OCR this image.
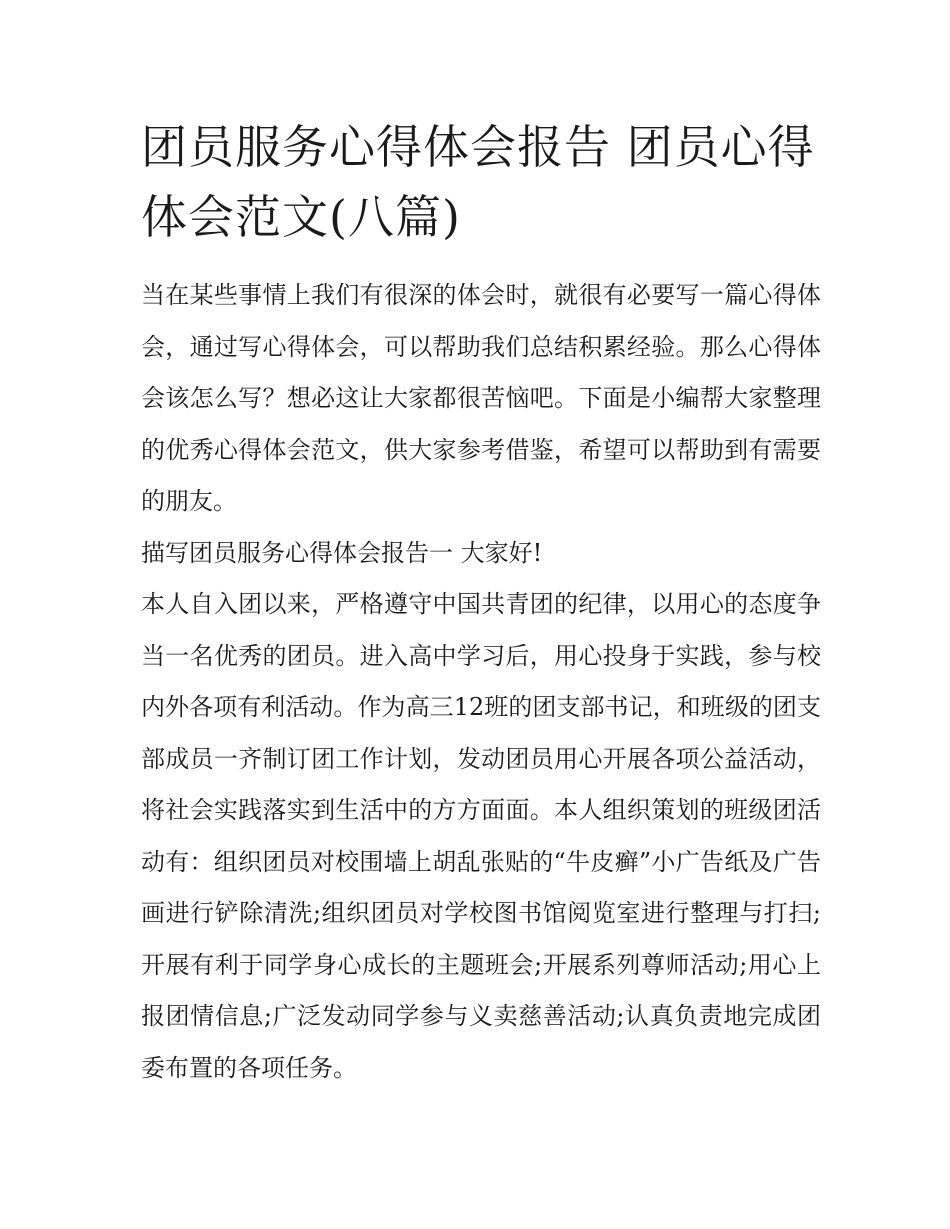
团员服务心得体会报告 团员心得体会范文(八篇)

当在某些事情上我们有很深的体会时，就很有必要写一篇心得体会，通过写心得体会，可以帮助我们总结积累经验。那么心得体会该怎么写？想必这让大家都很苦恼吧。下面是小编帮大家整理的优秀心得体会范文，供大家参考借鉴，希望可以帮助到有需要的朋友。

描写团员服务心得体会报告一 大家好!

本人自入团以来，严格遵守中国共青团的纪律，以用心的态度争当一名优秀的团员。进入高中学习后，用心投身于实践，参与校内外各项有利活动。作为高三12班的团支部书记，和班级的团支部成员一齐制订团工作计划，发动团员用心开展各项公益活动，将社会实践落实到生活中的方方面面。本人组织策划的班级团活动有：组织团员对校围墙上胡乱张贴的“牛皮癣”小广告纸及广告画进行铲除清洗;组织团员对学校图书馆阅览室进行整理与打扫;开展有利于同学身心成长的主题班会;开展系列尊师活动;用心上报团情信息;广泛发动同学参与义卖慈善活动;认真负责地完成团委布置的各项任务。
